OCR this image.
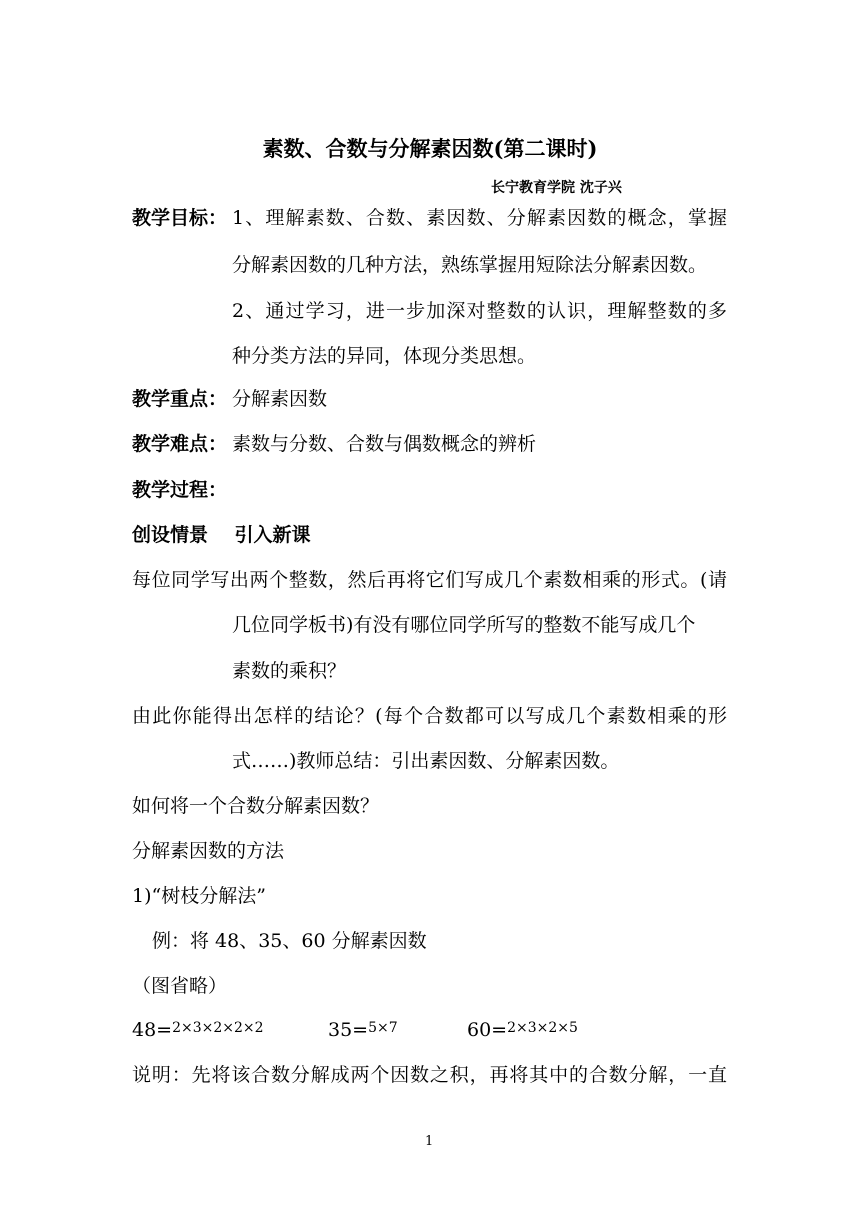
素数、合数与分解素因数(第二课时)
长宁教育学院 沈子兴
教学目标： 1、理解素数、合数、素因数、分解素因数的概念，掌握
分解素因数的几种方法，熟练掌握用短除法分解素因数。
2、通过学习，进一步加深对整数的认识，理解整数的多
种分类方法的异同，体现分类思想。
教学重点： 分解素因数
教学难点： 素数与分数、合数与偶数概念的辨析
教学过程：
创设情景    引入新课
每位同学写出两个整数，然后再将它们写成几个素数相乘的形式。(请
几位同学板书)有没有哪位同学所写的整数不能写成几个
素数的乘积？
由此你能得出怎样的结论？(每个合数都可以写成几个素数相乘的形
式……)教师总结：引出素因数、分解素因数。
如何将一个合数分解素因数？
分解素因数的方法
1)“树枝分解法”
例：将 48、35、60 分解素因数
（图省略）
48=$^{2\times 3\times 2\times 2\times 2}$	35=$^{5\times 7}$	60=$^{2\times 3\times 2\times 5}$
说明：先将该合数分解成两个因数之积，再将其中的合数分解，一直
1
